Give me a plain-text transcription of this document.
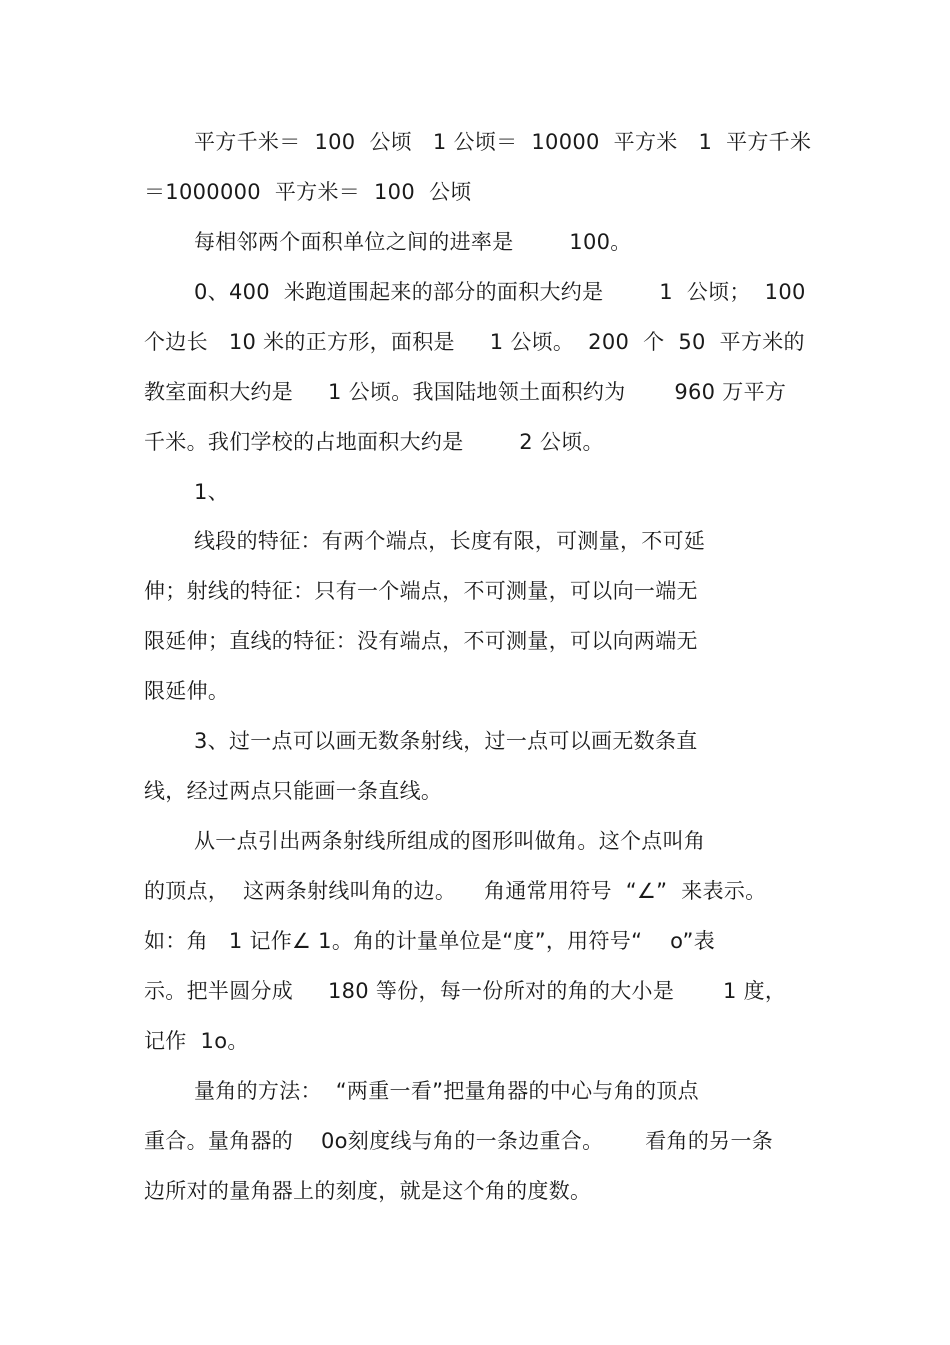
平方千米＝  100  公顷   1 公顷＝  10000  平方米   1  平方千米
＝1000000  平方米＝  100  公顷
每相邻两个面积单位之间的进率是        100。
0、400  米跑道围起来的部分的面积大约是        1  公顷；  100
个边长   10 米的正方形，面积是     1 公顷。  200  个  50  平方米的
教室面积大约是     1 公顷。我国陆地领土面积约为       960 万平方
千米。我们学校的占地面积大约是        2 公顷。
1、
线段的特征：有两个端点，长度有限，可测量，不可延
伸；射线的特征：只有一个端点，不可测量，可以向一端无
限延伸；直线的特征：没有端点，不可测量，可以向两端无
限延伸。
3、过一点可以画无数条射线，过一点可以画无数条直
线，经过两点只能画一条直线。
从一点引出两条射线所组成的图形叫做角。这个点叫角
的顶点，  这两条射线叫角的边。    角通常用符号  “∠”  来表示。
如：角   1 记作∠ 1。角的计量单位是“度”，用符号“    o”表
示。把半圆分成     180 等份，每一份所对的角的大小是       1 度，
记作  1o。
量角的方法：  “两重一看”把量角器的中心与角的顶点
重合。量角器的    0o刻度线与角的一条边重合。      看角的另一条
边所对的量角器上的刻度，就是这个角的度数。
